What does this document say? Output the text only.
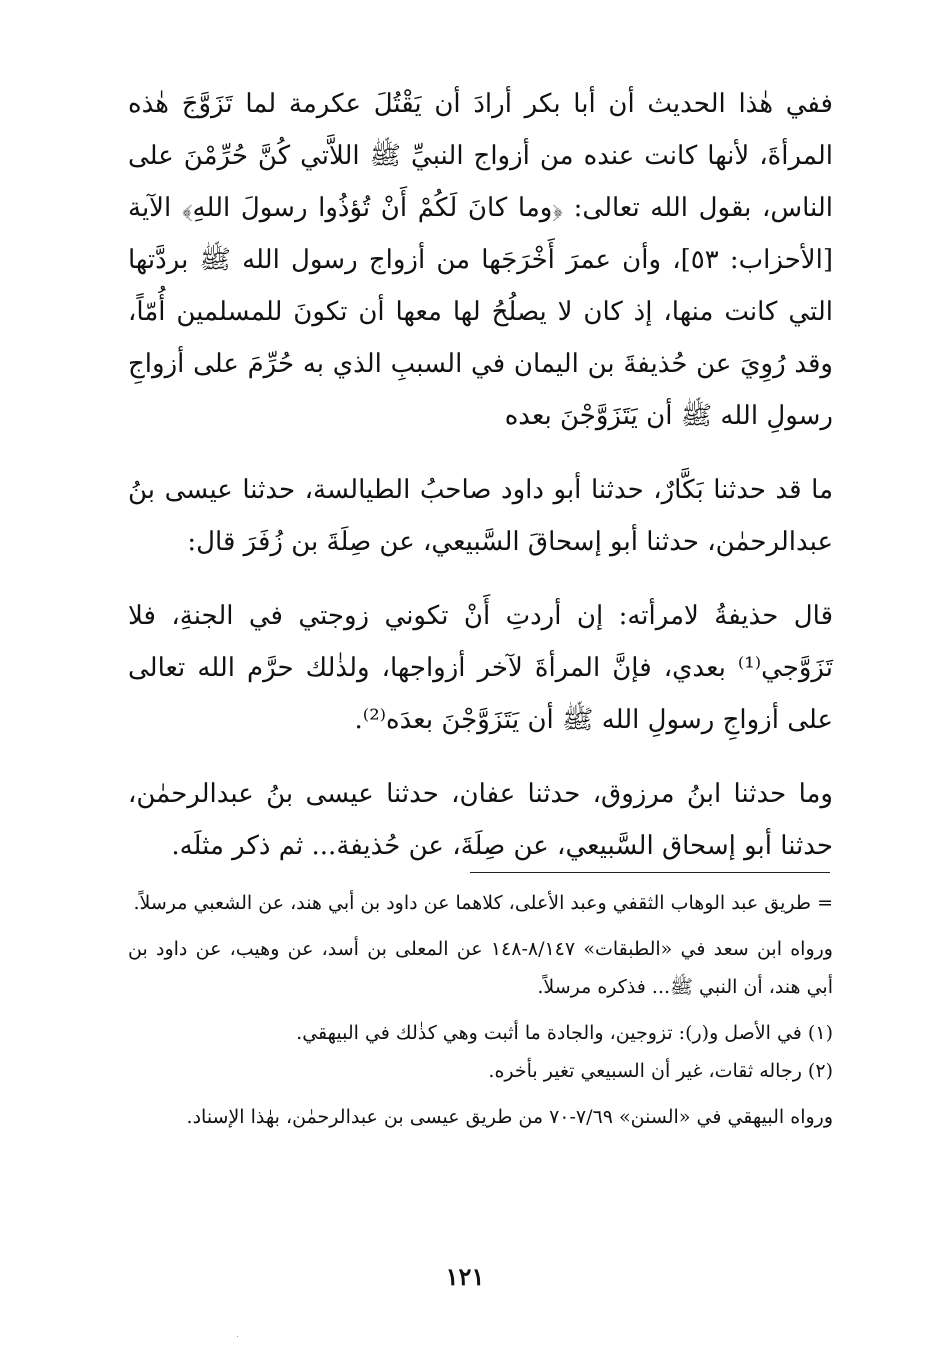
ففي هٰذا الحديث أن أبا بكر أرادَ أن يَقْتُلَ عكرمة لما تَزَوَّجَ هٰذه المرأةَ، لأنها كانت عنده من أزواج النبيِّ ﷺ اللاَّتي كُنَّ حُرِّمْنَ على الناس، بقول الله تعالى: ﴿وما كانَ لَكُمْ أَنْ تُؤذُوا رسولَ اللهِ﴾ الآية [الأحزاب: ٥٣]، وأن عمرَ أَخْرَجَها من أزواج رسول الله ﷺ بردَّتها التي كانت منها، إذ كان لا يصلُحُ لها معها أن تكونَ للمسلمين أُمّاً، وقد رُوِيَ عن حُذيفةَ بن اليمان في السببِ الذي به حُرِّمَ على أزواجِ رسولِ الله ﷺ أن يَتَزَوَّجْنَ بعده

ما قد حدثنا بَكَّارٌ، حدثنا أبو داود صاحبُ الطيالسة، حدثنا عيسى بنُ عبدالرحمٰن، حدثنا أبو إسحاقَ السَّبيعي، عن صِلَةَ بن زُفَرَ قال:

قال حذيفةُ لامرأته: إن أردتِ أَنْ تكوني زوجتي في الجنةِ، فلا تَزَوَّجي⁽¹⁾ بعدي، فإنَّ المرأةَ لآخر أزواجها، ولذٰلك حرَّم الله تعالى على أزواجِ رسولِ الله ﷺ أن يَتَزَوَّجْنَ بعدَه⁽²⁾.

وما حدثنا ابنُ مرزوق، حدثنا عفان، حدثنا عيسى بنُ عبدالرحمٰن، حدثنا أبو إسحاق السَّبيعي، عن صِلَةَ، عن حُذيفة... ثم ذكر مثلَه.

= طريق عبد الوهاب الثقفي وعبد الأعلى، كلاهما عن داود بن أبي هند، عن الشعبي مرسلاً.

ورواه ابن سعد في «الطبقات» ٨/١٤٧-١٤٨ عن المعلى بن أسد، عن وهيب، عن داود بن أبي هند، أن النبي ﷺ... فذكره مرسلاً.

(١) في الأصل و(ر): تزوجين، والجادة ما أثبت وهي كذٰلك في البيهقي.

(٢) رجاله ثقات، غير أن السبيعي تغير بأخره.

ورواه البيهقي في «السنن» ٧/٦٩-٧٠ من طريق عيسى بن عبدالرحمٰن، بهٰذا الإسناد.

١٢١
